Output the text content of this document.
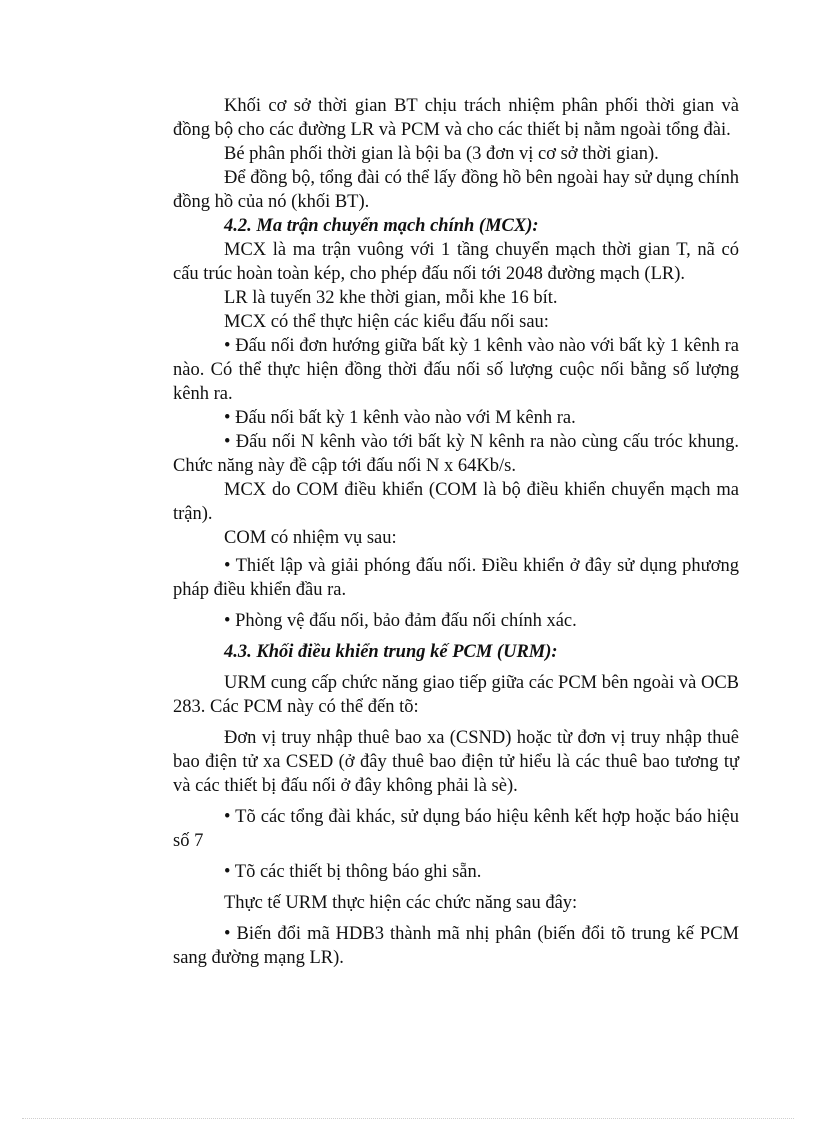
Khối cơ sở thời gian BT chịu trách nhiệm phân phối thời gian và đồng bộ cho các đường LR và PCM và cho các thiết bị nằm ngoài tổng đài.

Bé phân phối thời gian là bội ba (3 đơn vị cơ sở thời gian).

Để đồng bộ, tổng đài có thể lấy đồng hồ bên ngoài hay sử dụng chính đồng hồ của nó (khối BT).

4.2. Ma trận chuyển mạch chính (MCX):

MCX là ma trận vuông với 1 tầng chuyển mạch thời gian T, nã có cấu trúc hoàn toàn kép, cho phép đấu nối tới 2048 đường mạch (LR).

LR là tuyến 32 khe thời gian, mỗi khe 16 bít.

MCX có thể thực hiện các kiểu đấu nối sau:

• Đấu nối đơn hướng giữa bất kỳ 1 kênh vào nào với bất kỳ 1 kênh ra nào. Có thể thực hiện đồng thời đấu nối số lượng cuộc nối bằng số lượng kênh ra.

• Đấu nối bất kỳ 1 kênh vào nào với M kênh ra.

• Đấu nối N kênh vào tới bất kỳ N kênh ra nào cùng cấu tróc khung. Chức năng này đề cập tới đấu nối N x 64Kb/s.

MCX do COM điều khiển (COM là bộ điều khiển chuyển mạch ma trận).

COM có nhiệm vụ sau:

• Thiết lập và giải phóng đấu nối. Điều khiển ở đây sử dụng phương pháp điều khiển đầu ra.

• Phòng vệ đấu nối, bảo đảm đấu nối chính xác.

4.3. Khối điều khiển trung kế PCM (URM):

URM cung cấp chức năng giao tiếp giữa các PCM bên ngoài và OCB 283. Các PCM này có thể đến tõ:

Đơn vị truy nhập thuê bao xa (CSND) hoặc từ đơn vị truy nhập thuê bao điện tử xa CSED (ở đây thuê bao điện tử hiểu là các thuê bao tương tự và các thiết bị đấu nối ở đây không phải là sè).

• Tõ các tổng đài khác, sử dụng báo hiệu kênh kết hợp hoặc báo hiệu số 7

• Tõ các thiết bị thông báo ghi sẵn.

Thực tế URM thực hiện các chức năng sau đây:

• Biến đổi mã HDB3 thành mã nhị phân (biến đổi tõ trung kế PCM sang đường mạng LR).
